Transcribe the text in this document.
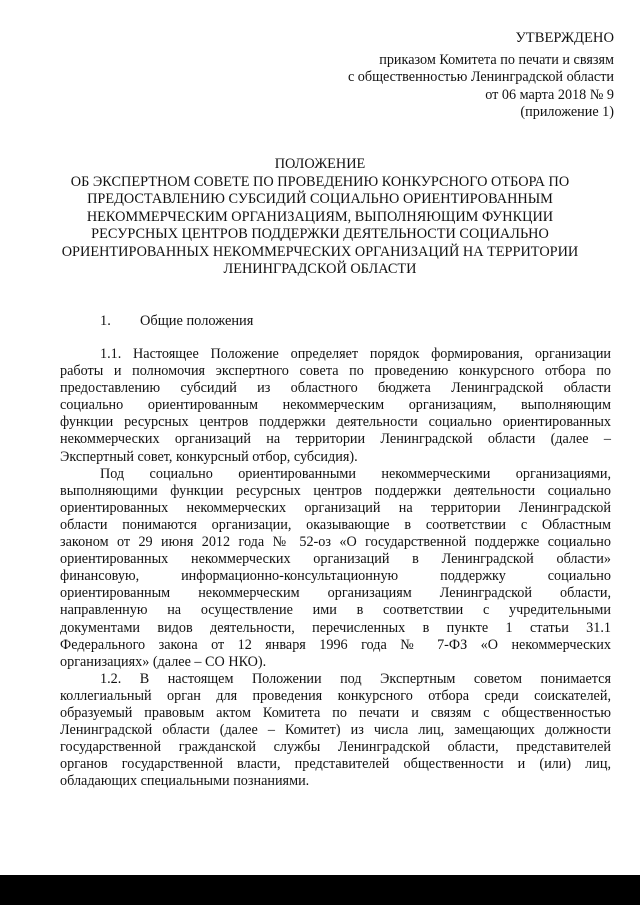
УТВЕРЖДЕНО
приказом Комитета по печати и связям
с общественностью Ленинградской области
от 06 марта 2018 № 9
(приложение 1)
ПОЛОЖЕНИЕ
ОБ ЭКСПЕРТНОМ СОВЕТЕ ПО ПРОВЕДЕНИЮ КОНКУРСНОГО ОТБОРА ПО
ПРЕДОСТАВЛЕНИЮ СУБСИДИЙ СОЦИАЛЬНО ОРИЕНТИРОВАННЫМ
НЕКОММЕРЧЕСКИМ ОРГАНИЗАЦИЯМ, ВЫПОЛНЯЮЩИМ ФУНКЦИИ
РЕСУРСНЫХ ЦЕНТРОВ ПОДДЕРЖКИ ДЕЯТЕЛЬНОСТИ СОЦИАЛЬНО
ОРИЕНТИРОВАННЫХ НЕКОММЕРЧЕСКИХ ОРГАНИЗАЦИЙ НА ТЕРРИТОРИИ
ЛЕНИНГРАДСКОЙ ОБЛАСТИ
1. Общие положения
1.1. Настоящее Положение определяет порядок формирования, организации
работы и полномочия экспертного совета по проведению конкурсного отбора по
предоставлению субсидий из областного бюджета Ленинградской области
социально ориентированным некоммерческим организациям, выполняющим
функции ресурсных центров поддержки деятельности социально ориентированных
некоммерческих организаций на территории Ленинградской области (далее –
Экспертный совет, конкурсный отбор, субсидия).
Под социально ориентированными некоммерческими организациями,
выполняющими функции ресурсных центров поддержки деятельности социально
ориентированных некоммерческих организаций на территории Ленинградской
области понимаются организации, оказывающие в соответствии с Областным
законом от 29 июня 2012 года № 52-оз «О государственной поддержке социально
ориентированных некоммерческих организаций в Ленинградской области»
финансовую, информационно-консультационную поддержку социально
ориентированным некоммерческим организациям Ленинградской области,
направленную на осуществление ими в соответствии с учредительными
документами видов деятельности, перечисленных в пункте 1 статьи 31.1
Федерального закона от 12 января 1996 года № 7-ФЗ «О некоммерческих
организациях» (далее – СО НКО).
1.2. В настоящем Положении под Экспертным советом понимается
коллегиальный орган для проведения конкурсного отбора среди соискателей,
образуемый правовым актом Комитета по печати и связям с общественностью
Ленинградской области (далее – Комитет) из числа лиц, замещающих должности
государственной гражданской службы Ленинградской области, представителей
органов государственной власти, представителей общественности и (или) лиц,
обладающих специальными познаниями.
